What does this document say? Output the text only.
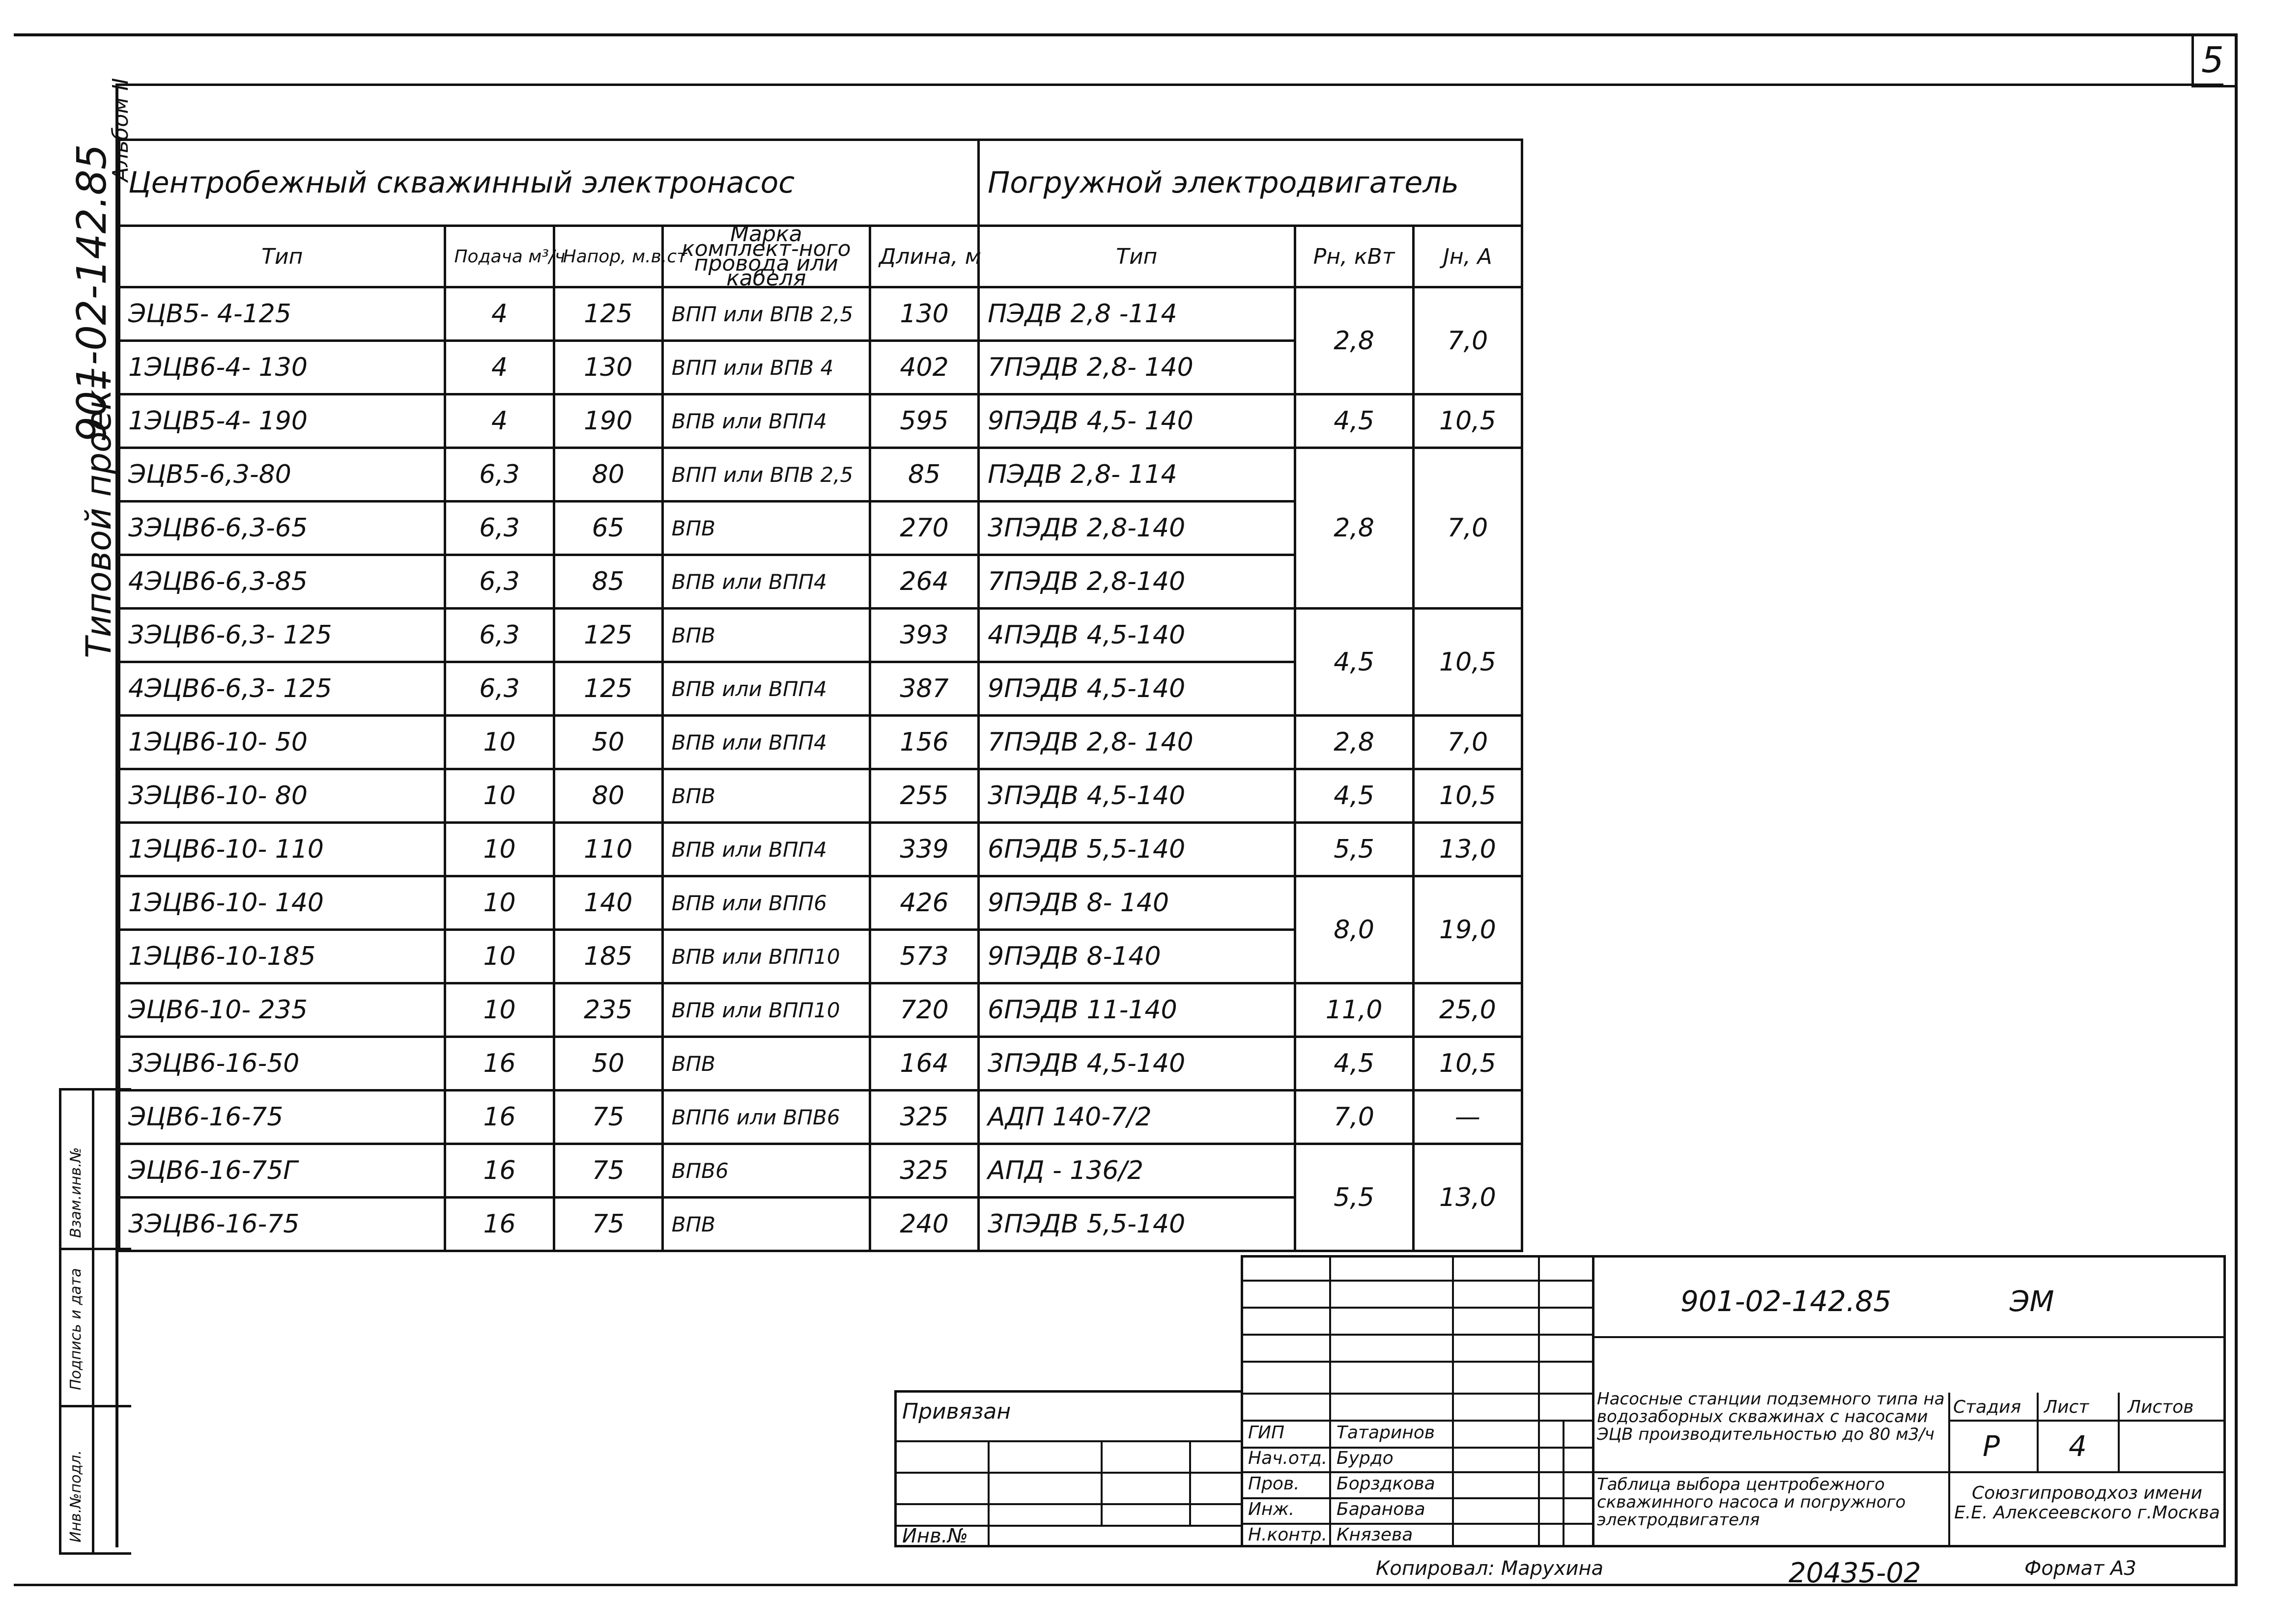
5
Альбом II
901-02-142.85
Типовой проект
Центробежный скважинный электронасос					Погружной электродвигатель		
Тип	Подача м³/ч	Напор, м.в.ст	Марка комплект-ного провода или кабеля	Длина, м	Тип	Рн, кВт	Jн, А
ЭЦВ5- 4-125	4	125	ВПП или ВПВ 2,5	130	ПЭДВ 2,8 -114	2,8	7,0
1ЭЦВ6-4- 130	4	130	ВПП или ВПВ 4	402	7ПЭДВ 2,8- 140		
1ЭЦВ5-4- 190	4	190	ВПВ или ВПП4	595	9ПЭДВ 4,5- 140	4,5	10,5
ЭЦВ5-6,3-80	6,3	80	ВПП или ВПВ 2,5	85	ПЭДВ 2,8- 114	2,8	7,0
3ЭЦВ6-6,3-65	6,3	65	ВПВ	270	3ПЭДВ 2,8-140		
4ЭЦВ6-6,3-85	6,3	85	ВПВ или ВПП4	264	7ПЭДВ 2,8-140		
3ЭЦВ6-6,3- 125	6,3	125	ВПВ	393	4ПЭДВ 4,5-140	4,5	10,5
4ЭЦВ6-6,3- 125	6,3	125	ВПВ или ВПП4	387	9ПЭДВ 4,5-140		
1ЭЦВ6-10- 50	10	50	ВПВ или ВПП4	156	7ПЭДВ 2,8- 140	2,8	7,0
3ЭЦВ6-10- 80	10	80	ВПВ	255	3ПЭДВ 4,5-140	4,5	10,5
1ЭЦВ6-10- 110	10	110	ВПВ или ВПП4	339	6ПЭДВ 5,5-140	5,5	13,0
1ЭЦВ6-10- 140	10	140	ВПВ или ВПП6	426	9ПЭДВ 8- 140	8,0	19,0
1ЭЦВ6-10-185	10	185	ВПВ или ВПП10	573	9ПЭДВ 8-140		
ЭЦВ6-10- 235	10	235	ВПВ или ВПП10	720	6ПЭДВ 11-140	11,0	25,0
3ЭЦВ6-16-50	16	50	ВПВ	164	3ПЭДВ 4,5-140	4,5	10,5
ЭЦВ6-16-75	16	75	ВПП6 или ВПВ6	325	АДП 140-7/2	7,0	—
ЭЦВ6-16-75Г	16	75	ВПВ6	325	АПД - 136/2	5,5	13,0
3ЭЦВ6-16-75	16	75	ВПВ	240	3ПЭДВ 5,5-140		
Инв.№подл.
Подпись и дата
Взам.инв.№
Привязан
Инв.№
ГИП	Татаринов
Нач.отд. Бурдо
Пров. Борздкова
Инж. Баранова
Н.контр. Князева
901-02-142.85	ЭМ
Насосные станции подземного типа на водозаборных скважинах с насосами ЭЦВ производительностью до 80 м3/ч
Таблица выбора центробежного скважинного насоса и погружного электродвигателя
Стадия Лист Листов
Р 4
Союзгипроводхоз имени Е.Е. Алексеевского г.Москва
Копировал: Марухина	20435-02	Формат А3
